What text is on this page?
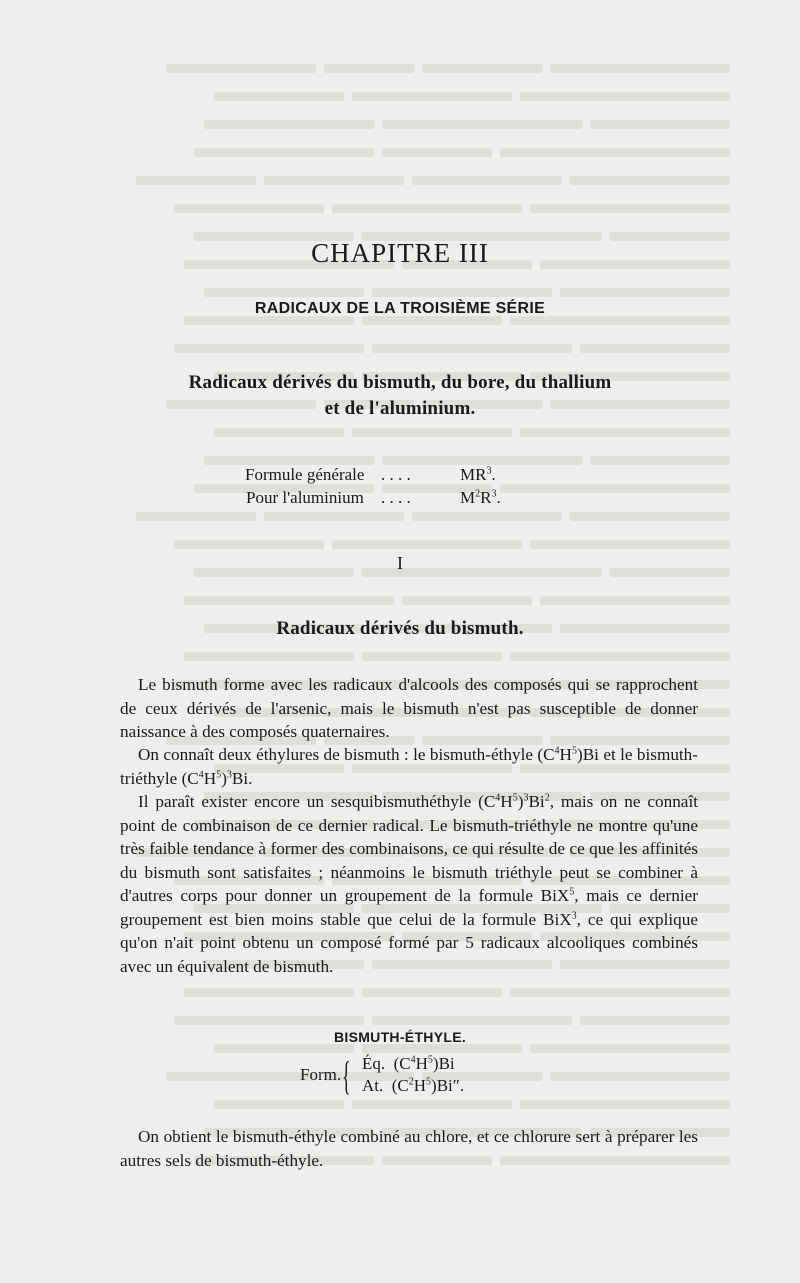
CHAPITRE III
RADICAUX DE LA TROISIÈME SÉRIE
Radicaux dérivés du bismuth, du bore, du thallium
et de l'aluminium.
Formule générale . . . .	$MR^3$.
Pour l'aluminium . . . .	$M^2R^3$.
I
Radicaux dérivés du bismuth.

Le bismuth forme avec les radicaux d'alcools des composés qui se rapprochent de ceux dérivés de l'arsenic, mais le bismuth n'est pas susceptible de donner naissance à des composés quaternaires.

On connaît deux éthylures de bismuth : le bismuth-éthyle $(C^4H^5)Bi$ et le bismuth-triéthyle $(C^4H^5)^3Bi$.

Il paraît exister encore un sesquibismuthéthyle $(C^4H^5)^3Bi^2$, mais on ne connaît point de combinaison de ce dernier radical. Le bismuth-triéthyle ne montre qu'une très faible tendance à former des combinaisons, ce qui résulte de ce que les affinités du bismuth sont satisfaites ; néanmoins le bismuth triéthyle peut se combiner à d'autres corps pour donner un groupement de la formule BiX$^5$, mais ce dernier groupement est bien moins stable que celui de la formule BiX$^3$, ce qui explique qu'on n'ait point obtenu un composé formé par 5 radicaux alcooliques combinés avec un équivalent de bismuth.

BISMUTH-ÉTHYLE.
Form. { Éq. $(C^4H^5)Bi$
At. $(C^2H^5)Bi''$.

On obtient le bismuth-éthyle combiné au chlore, et ce chlorure sert à préparer les autres sels de bismuth-éthyle.
